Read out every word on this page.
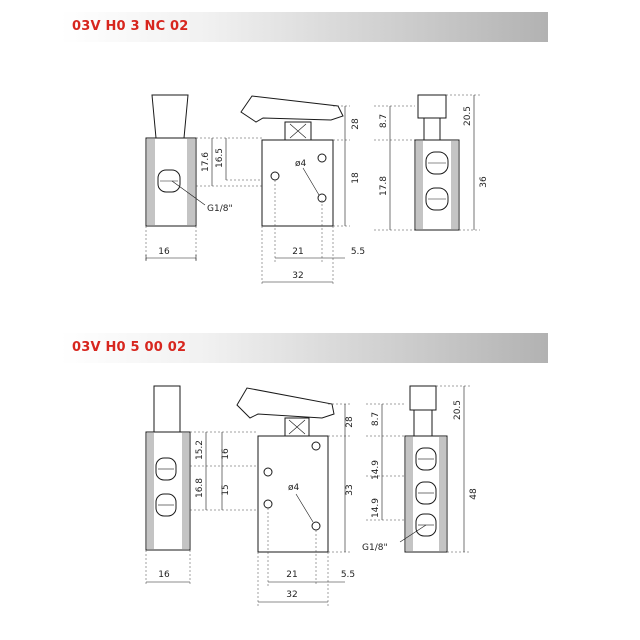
03V H0 3 NC 02
03V H0 5 00 02
16
G1/8"
17.6 16.5	ø4
28
18
21	5.5
32
8.7
17.8
20.5
36
16
15.2
16.8
16
15	ø4
28
33
21	5.5
32
8.7
14.9
14.9
G1/8"
20.5
48
